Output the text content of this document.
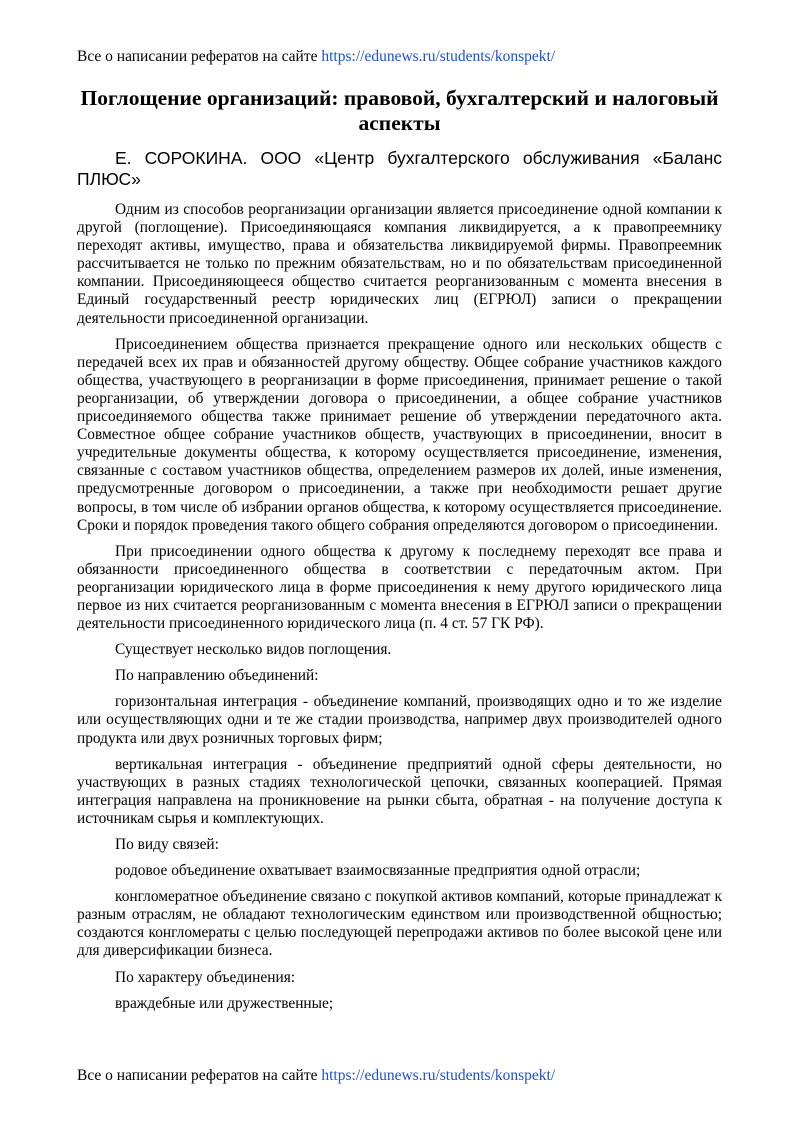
Все о написании рефератов на сайте https://edunews.ru/students/konspekt/
Поглощение организаций: правовой, бухгалтерский и налоговый аспекты

Е. СОРОКИНА. ООО «Центр бухгалтерского обслуживания «Баланс ПЛЮС»

Одним из способов реорганизации организации является присоединение одной компании к другой (поглощение). Присоединяющаяся компания ликвидируется, а к правопреемнику переходят активы, имущество, права и обязательства ликвидируемой фирмы. Правопреемник рассчитывается не только по прежним обязательствам, но и по обязательствам присоединенной компании. Присоединяющееся общество считается реорганизованным с момента внесения в Единый государственный реестр юридических лиц (ЕГРЮЛ) записи о прекращении деятельности присоединенной организации.

Присоединением общества признается прекращение одного или нескольких обществ с передачей всех их прав и обязанностей другому обществу. Общее собрание участников каждого общества, участвующего в реорганизации в форме присоединения, принимает решение о такой реорганизации, об утверждении договора о присоединении, а общее собрание участников присоединяемого общества также принимает решение об утверждении передаточного акта. Совместное общее собрание участников обществ, участвующих в присоединении, вносит в учредительные документы общества, к которому осуществляется присоединение, изменения, связанные с составом участников общества, определением размеров их долей, иные изменения, предусмотренные договором о присоединении, а также при необходимости решает другие вопросы, в том числе об избрании органов общества, к которому осуществляется присоединение. Сроки и порядок проведения такого общего собрания определяются договором о присоединении.

При присоединении одного общества к другому к последнему переходят все права и обязанности присоединенного общества в соответствии с передаточным актом. При реорганизации юридического лица в форме присоединения к нему другого юридического лица первое из них считается реорганизованным с момента внесения в ЕГРЮЛ записи о прекращении деятельности присоединенного юридического лица (п. 4 ст. 57 ГК РФ).

Существует несколько видов поглощения.

По направлению объединений:

горизонтальная интеграция - объединение компаний, производящих одно и то же изделие или осуществляющих одни и те же стадии производства, например двух производителей одного продукта или двух розничных торговых фирм;

вертикальная интеграция - объединение предприятий одной сферы деятельности, но участвующих в разных стадиях технологической цепочки, связанных кооперацией. Прямая интеграция направлена на проникновение на рынки сбыта, обратная - на получение доступа к источникам сырья и комплектующих.

По виду связей:

родовое объединение охватывает взаимосвязанные предприятия одной отрасли;

конгломератное объединение связано с покупкой активов компаний, которые принадлежат к разным отраслям, не обладают технологическим единством или производственной общностью; создаются конгломераты с целью последующей перепродажи активов по более высокой цене или для диверсификации бизнеса.

По характеру объединения:

враждебные или дружественные;

Все о написании рефератов на сайте https://edunews.ru/students/konspekt/
